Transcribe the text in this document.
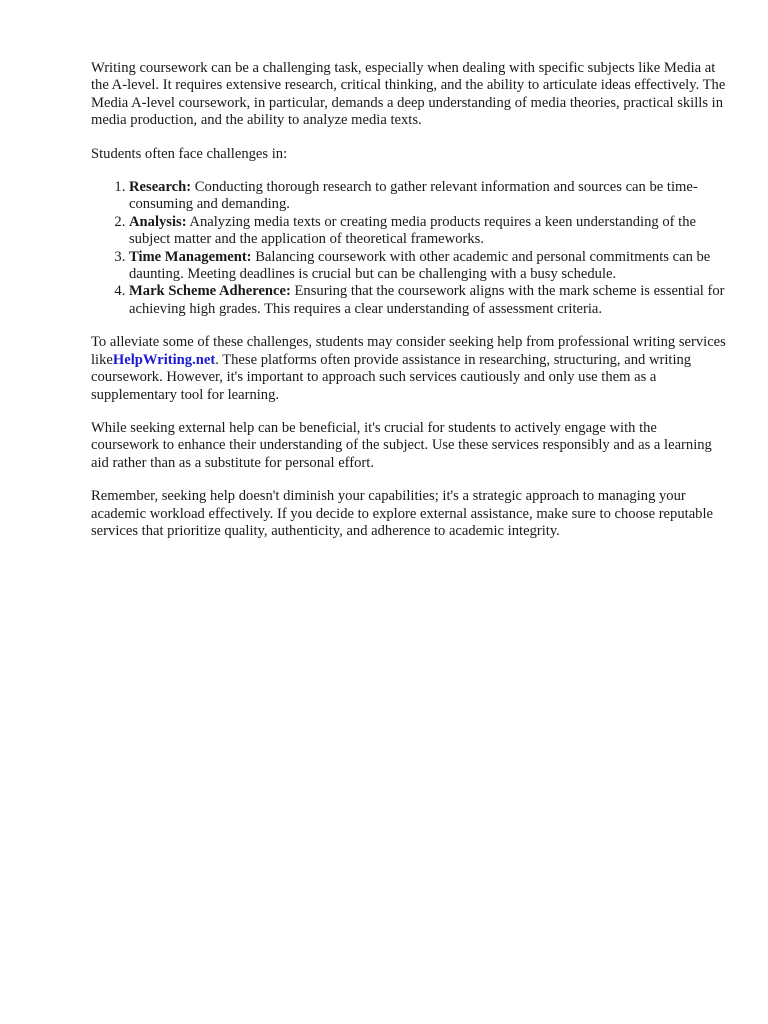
Writing coursework can be a challenging task, especially when dealing with specific subjects like Media at the A-level. It requires extensive research, critical thinking, and the ability to articulate ideas effectively. The Media A-level coursework, in particular, demands a deep understanding of media theories, practical skills in media production, and the ability to analyze media texts.

Students often face challenges in:

1. Research: Conducting thorough research to gather relevant information and sources can be time-consuming and demanding.
2. Analysis: Analyzing media texts or creating media products requires a keen understanding of the subject matter and the application of theoretical frameworks.
3. Time Management: Balancing coursework with other academic and personal commitments can be daunting. Meeting deadlines is crucial but can be challenging with a busy schedule.
4. Mark Scheme Adherence: Ensuring that the coursework aligns with the mark scheme is essential for achieving high grades. This requires a clear understanding of assessment criteria.

To alleviate some of these challenges, students may consider seeking help from professional writing services likeHelpWriting.net. These platforms often provide assistance in researching, structuring, and writing coursework. However, it's important to approach such services cautiously and only use them as a supplementary tool for learning.

While seeking external help can be beneficial, it's crucial for students to actively engage with the coursework to enhance their understanding of the subject. Use these services responsibly and as a learning aid rather than as a substitute for personal effort.

Remember, seeking help doesn't diminish your capabilities; it's a strategic approach to managing your academic workload effectively. If you decide to explore external assistance, make sure to choose reputable services that prioritize quality, authenticity, and adherence to academic integrity.
